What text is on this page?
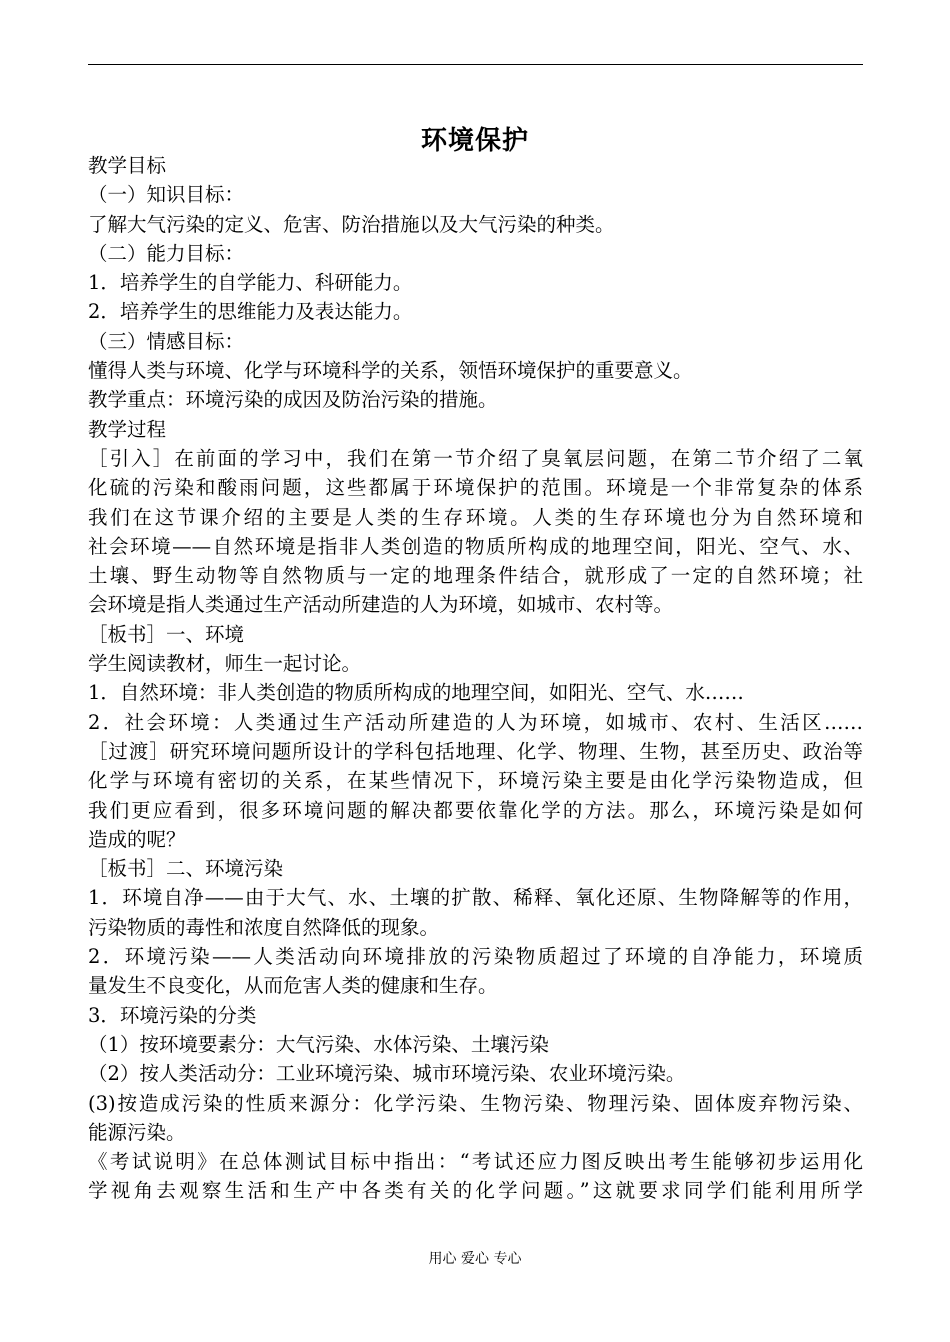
环境保护
教学目标
（一）知识目标：
了解大气污染的定义、危害、防治措施以及大气污染的种类。
（二）能力目标：
1．培养学生的自学能力、科研能力。
2．培养学生的思维能力及表达能力。
（三）情感目标：
懂得人类与环境、化学与环境科学的关系，领悟环境保护的重要意义。
教学重点：环境污染的成因及防治污染的措施。
教学过程
［引入］在前面的学习中，我们在第一节介绍了臭氧层问题，在第二节介绍了二氧
化硫的污染和酸雨问题，这些都属于环境保护的范围。环境是一个非常复杂的体系
我们在这节课介绍的主要是人类的生存环境。人类的生存环境也分为自然环境和
社会环境——自然环境是指非人类创造的物质所构成的地理空间，阳光、空气、水、
土壤、野生动物等自然物质与一定的地理条件结合，就形成了一定的自然环境；社
会环境是指人类通过生产活动所建造的人为环境，如城市、农村等。
［板书］一、环境
学生阅读教材，师生一起讨论。
1．自然环境：非人类创造的物质所构成的地理空间，如阳光、空气、水……
2．社会环境：人类通过生产活动所建造的人为环境，如城市、农村、生活区……
［过渡］研究环境问题所设计的学科包括地理、化学、物理、生物，甚至历史、政治等
化学与环境有密切的关系，在某些情况下，环境污染主要是由化学污染物造成，但
我们更应看到，很多环境问题的解决都要依靠化学的方法。那么，环境污染是如何
造成的呢？
［板书］二、环境污染
1．环境自净——由于大气、水、土壤的扩散、稀释、氧化还原、生物降解等的作用，
污染物质的毒性和浓度自然降低的现象。
2．环境污染——人类活动向环境排放的污染物质超过了环境的自净能力，环境质
量发生不良变化，从而危害人类的健康和生存。
3．环境污染的分类
（1）按环境要素分：大气污染、水体污染、土壤污染
（2）按人类活动分：工业环境污染、城市环境污染、农业环境污染。
(3)按造成污染的性质来源分：化学污染、生物污染、物理污染、固体废弃物污染、
能源污染。
《考试说明》在总体测试目标中指出：“考试还应力图反映出考生能够初步运用化
学视角去观察生活和生产中各类有关的化学问题。”这就要求同学们能利用所学
用心 爱心 专心
